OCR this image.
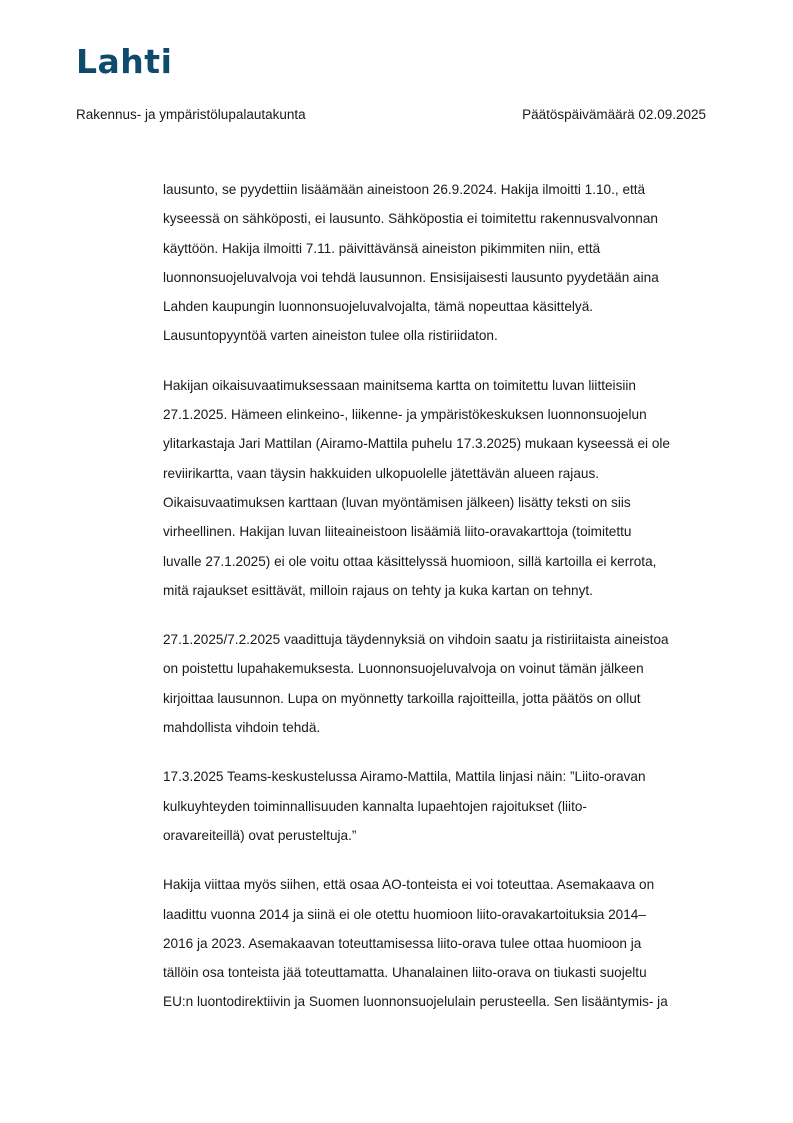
Lahti
Rakennus- ja ympäristölupalautakunta	Päätöspäivämäärä 02.09.2025

lausunto, se pyydettiin lisäämään aineistoon 26.9.2024. Hakija ilmoitti 1.10., että
kyseessä on sähköposti, ei lausunto. Sähköpostia ei toimitettu rakennusvalvonnan
käyttöön. Hakija ilmoitti 7.11. päivittävänsä aineiston pikimmiten niin, että
luonnonsuojeluvalvoja voi tehdä lausunnon. Ensisijaisesti lausunto pyydetään aina
Lahden kaupungin luonnonsuojeluvalvojalta, tämä nopeuttaa käsittelyä.
Lausuntopyyntöä varten aineiston tulee olla ristiriidaton.

Hakijan oikaisuvaatimuksessaan mainitsema kartta on toimitettu luvan liitteisiin
27.1.2025. Hämeen elinkeino-, liikenne- ja ympäristökeskuksen luonnonsuojelun
ylitarkastaja Jari Mattilan (Airamo-Mattila puhelu 17.3.2025) mukaan kyseessä ei ole
reviirikartta, vaan täysin hakkuiden ulkopuolelle jätettävän alueen rajaus.
Oikaisuvaatimuksen karttaan (luvan myöntämisen jälkeen) lisätty teksti on siis
virheellinen. Hakijan luvan liiteaineistoon lisäämiä liito-oravakarttoja (toimitettu
luvalle 27.1.2025) ei ole voitu ottaa käsittelyssä huomioon, sillä kartoilla ei kerrota,
mitä rajaukset esittävät, milloin rajaus on tehty ja kuka kartan on tehnyt.

27.1.2025/7.2.2025 vaadittuja täydennyksiä on vihdoin saatu ja ristiriitaista aineistoa
on poistettu lupahakemuksesta. Luonnonsuojeluvalvoja on voinut tämän jälkeen
kirjoittaa lausunnon. Lupa on myönnetty tarkoilla rajoitteilla, jotta päätös on ollut
mahdollista vihdoin tehdä.

17.3.2025 Teams-keskustelussa Airamo-Mattila, Mattila linjasi näin: ”Liito-oravan
kulkuyhteyden toiminnallisuuden kannalta lupaehtojen rajoitukset (liito-
oravareiteillä) ovat perusteltuja.”

Hakija viittaa myös siihen, että osaa AO-tonteista ei voi toteuttaa. Asemakaava on
laadittu vuonna 2014 ja siinä ei ole otettu huomioon liito-oravakartoituksia 2014–
2016 ja 2023. Asemakaavan toteuttamisessa liito-orava tulee ottaa huomioon ja
tällöin osa tonteista jää toteuttamatta. Uhanalainen liito-orava on tiukasti suojeltu
EU:n luontodirektiivin ja Suomen luonnonsuojelulain perusteella. Sen lisääntymis- ja
